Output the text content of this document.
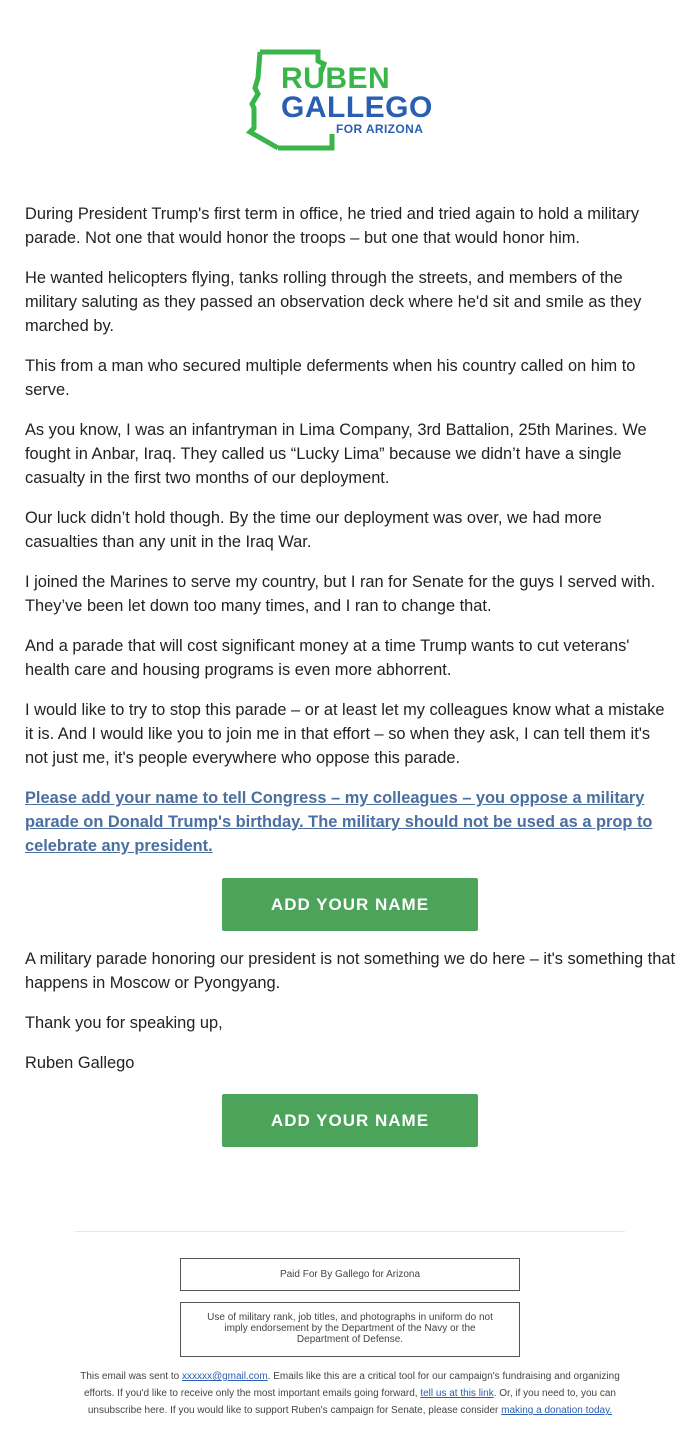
RUBEN
GALLEGO
FOR ARIZONA

During President Trump's first term in office, he tried and tried again to hold a military parade. Not one that would honor the troops – but one that would honor him.

He wanted helicopters flying, tanks rolling through the streets, and members of the military saluting as they passed an observation deck where he'd sit and smile as they marched by.

This from a man who secured multiple deferments when his country called on him to serve.

As you know, I was an infantryman in Lima Company, 3rd Battalion, 25th Marines. We fought in Anbar, Iraq. They called us “Lucky Lima” because we didn’t have a single casualty in the first two months of our deployment.

Our luck didn’t hold though. By the time our deployment was over, we had more casualties than any unit in the Iraq War.

I joined the Marines to serve my country, but I ran for Senate for the guys I served with. They’ve been let down too many times, and I ran to change that.

And a parade that will cost significant money at a time Trump wants to cut veterans' health care and housing programs is even more abhorrent.

I would like to try to stop this parade – or at least let my colleagues know what a mistake it is. And I would like you to join me in that effort – so when they ask, I can tell them it's not just me, it's people everywhere who oppose this parade.

Please add your name to tell Congress – my colleagues – you oppose a military parade on Donald Trump's birthday. The military should not be used as a prop to celebrate any president.
ADD YOUR NAME

A military parade honoring our president is not something we do here – it's something that happens in Moscow or Pyongyang.

Thank you for speaking up,

Ruben Gallego

ADD YOUR NAME
Paid For By Gallego for Arizona
Use of military rank, job titles, and photographs in uniform do not imply endorsement by the Department of the Navy or the Department of Defense.
This email was sent to xxxxxx@gmail.com. Emails like this are a critical tool for our campaign's fundraising and organizing efforts. If you'd like to receive only the most important emails going forward, tell us at this link. Or, if you need to, you can unsubscribe here. If you would like to support Ruben's campaign for Senate, please consider making a donation today.
